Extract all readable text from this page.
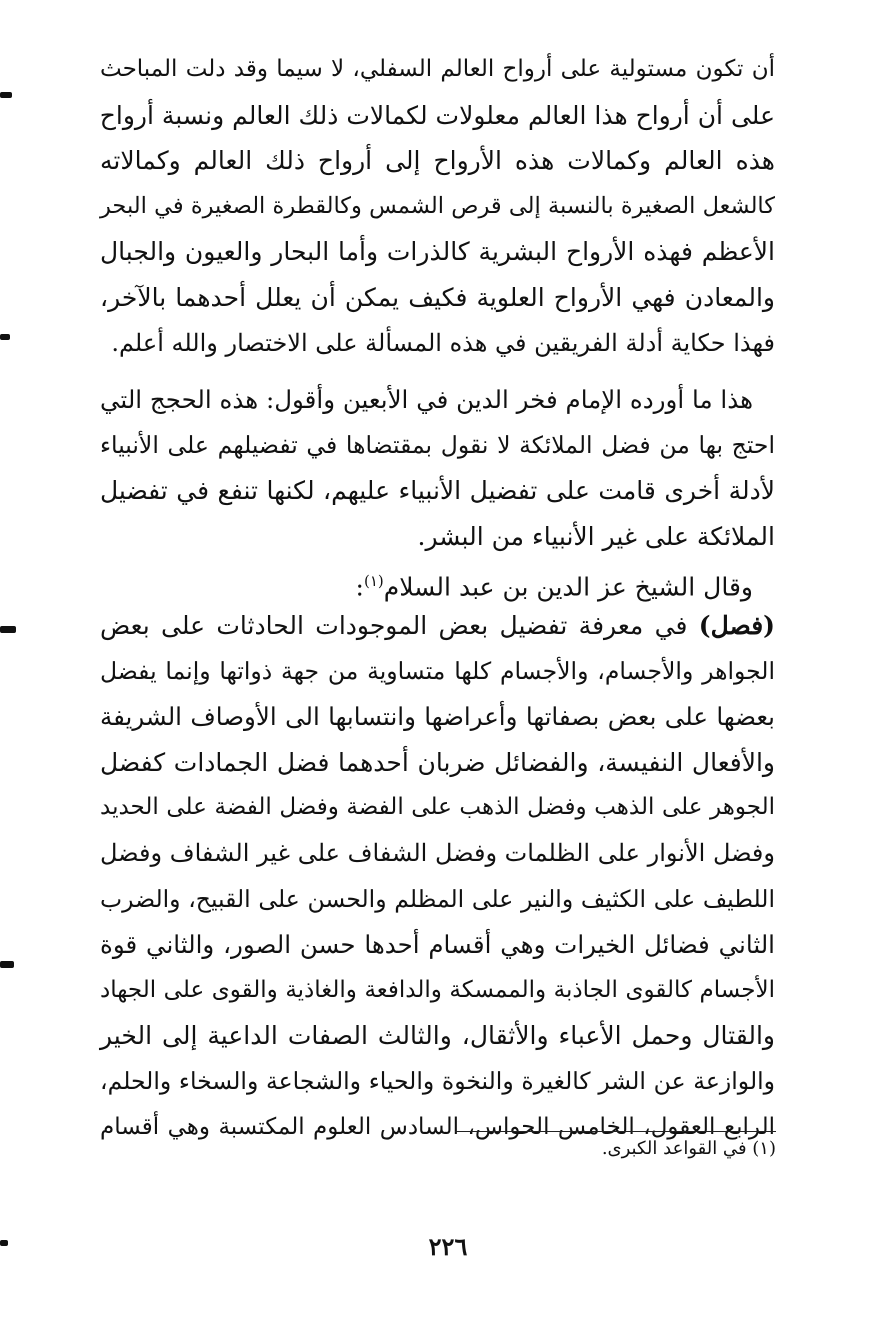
أن تكون مستولية على أرواح العالم السفلي، لا سيما وقد دلت المباحث
على أن أرواح هذا العالم معلولات لكمالات ذلك العالم ونسبة أرواح
هذه العالم وكمالات هذه الأرواح إلى أرواح ذلك العالم وكمالاته
كالشعل الصغيرة بالنسبة إلى قرص الشمس وكالقطرة الصغيرة في البحر
الأعظم فهذه الأرواح البشرية كالذرات وأما البحار والعيون والجبال
والمعادن فهي الأرواح العلوية فكيف يمكن أن يعلل أحدهما بالآخر،
فهذا حكاية أدلة الفريقين في هذه المسألة على الاختصار والله أعلم.
هذا ما أورده الإمام فخر الدين في الأبعين وأقول: هذه الحجج التي
احتج بها من فضل الملائكة لا نقول بمقتضاها في تفضيلهم على الأنبياء
لأدلة أخرى قامت على تفضيل الأنبياء عليهم، لكنها تنفع في تفضيل
الملائكة على غير الأنبياء من البشر.
وقال الشيخ عز الدين بن عبد السلام$^{(١)}$:
(فصل) في معرفة تفضيل بعض الموجودات الحادثات على بعض
الجواهر والأجسام، والأجسام كلها متساوية من جهة ذواتها وإنما يفضل
بعضها على بعض بصفاتها وأعراضها وانتسابها الى الأوصاف الشريفة
والأفعال النفيسة، والفضائل ضربان أحدهما فضل الجمادات كفضل
الجوهر على الذهب وفضل الذهب على الفضة وفضل الفضة على الحديد
وفضل الأنوار على الظلمات وفضل الشفاف على غير الشفاف وفضل
اللطيف على الكثيف والنير على المظلم والحسن على القبيح، والضرب
الثاني فضائل الخيرات وهي أقسام أحدها حسن الصور، والثاني قوة
الأجسام كالقوى الجاذبة والممسكة والدافعة والغاذية والقوى على الجهاد
والقتال وحمل الأعباء والأثقال، والثالث الصفات الداعية إلى الخير
والوازعة عن الشر كالغيرة والنخوة والحياء والشجاعة والسخاء والحلم،
الرابع العقول، الخامس الحواس، السادس العلوم المكتسبة وهي أقسام
(١) في القواعد الكبرى.
٢٢٦
